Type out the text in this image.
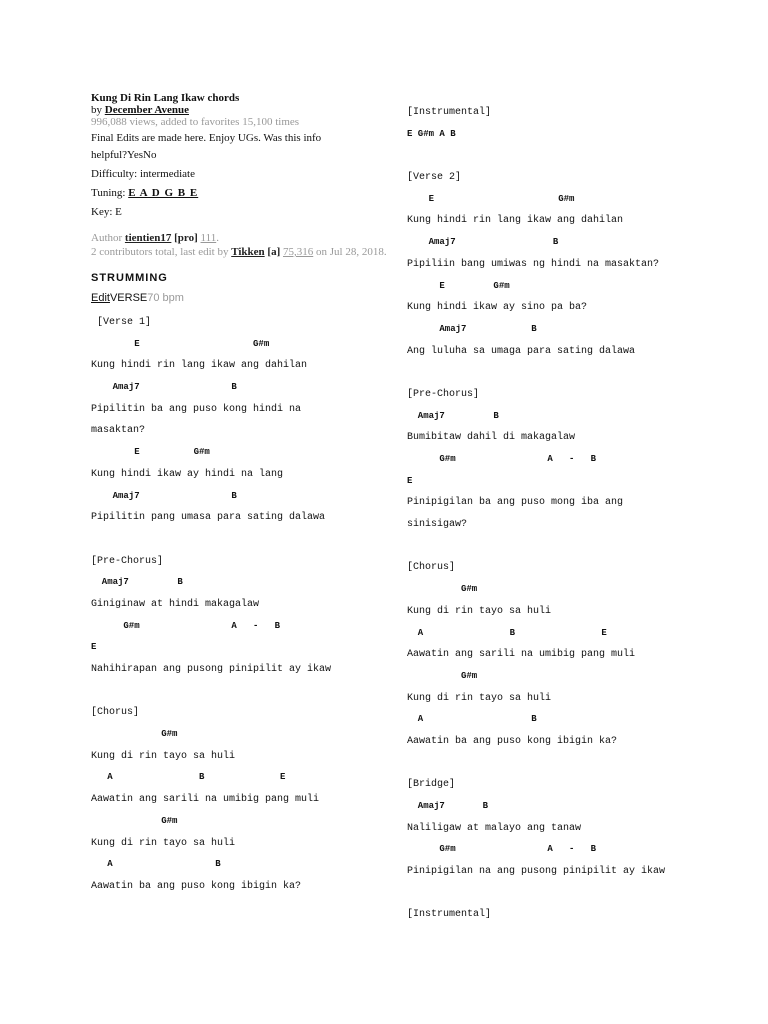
Kung Di Rin Lang Ikaw chords
by December Avenue
996,088 views, added to favorites 15,100 times
Final Edits are made here. Enjoy UGs. Was this info
helpful?YesNo
Difficulty: intermediate
Tuning: E A D G B E
Key: E
Author tientien17 [pro] 111.
2 contributors total, last edit by Tikken [a] 75,316 on Jul 28, 2018.
STRUMMING
EditVERSE70 bpm
[Verse 1]
E                     G#m
Kung hindi rin lang ikaw ang dahilan
Amaj7                 B
Pipilitin ba ang puso kong hindi na
masaktan?
E          G#m
Kung hindi ikaw ay hindi na lang
Amaj7                 B
Pipilitin pang umasa para sating dalawa
[Pre-Chorus]
Amaj7         B
Giniginaw at hindi makagalaw
G#m                 A   -   B
E
Nahihirapan ang pusong pinipilit ay ikaw
[Chorus]
G#m
Kung di rin tayo sa huli
A                B              E
Aawatin ang sarili na umibig pang muli
G#m
Kung di rin tayo sa huli
A                   B
Aawatin ba ang puso kong ibigin ka?
[Instrumental]
E G#m A B
[Verse 2]
E                       G#m
Kung hindi rin lang ikaw ang dahilan
Amaj7                  B
Pipiliin bang umiwas ng hindi na masaktan?
E         G#m
Kung hindi ikaw ay sino pa ba?
Amaj7            B
Ang luluha sa umaga para sating dalawa
[Pre-Chorus]
Amaj7         B
Bumibitaw dahil di makagalaw
G#m                 A   -   B
E
Pinipigilan ba ang puso mong iba ang
sinisigaw?
[Chorus]
G#m
Kung di rin tayo sa huli
A                B                E
Aawatin ang sarili na umibig pang muli
G#m
Kung di rin tayo sa huli
A                    B
Aawatin ba ang puso kong ibigin ka?
[Bridge]
Amaj7       B
Naliligaw at malayo ang tanaw
G#m                 A   -   B
Pinipigilan na ang pusong pinipilit ay ikaw
[Instrumental]
